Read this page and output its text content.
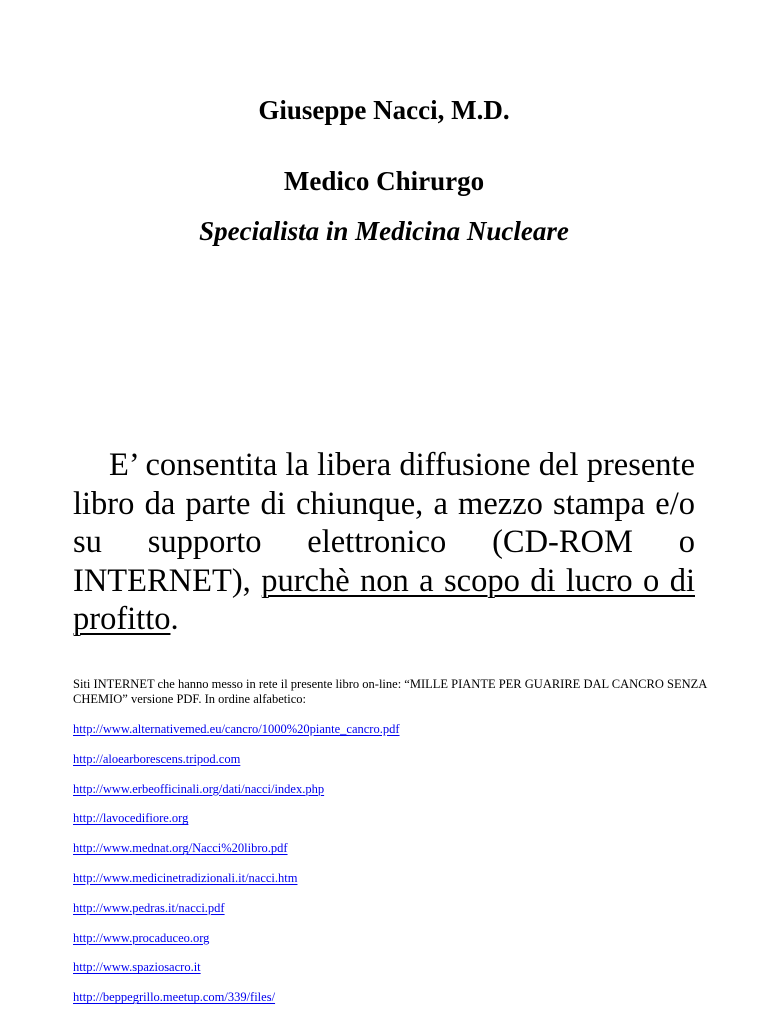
Giuseppe Nacci, M.D.
Medico Chirurgo
Specialista in Medicina Nucleare

E’ consentita la libera diffusione del presente libro da parte di chiunque, a mezzo stampa e/o su supporto elettronico (CD-ROM o INTERNET), purchè non a scopo di lucro o di profitto.

Siti INTERNET che hanno messo in rete il presente libro on-line: “MILLE PIANTE PER GUARIRE DAL CANCRO SENZA CHEMIO” versione PDF. In ordine alfabetico:

http://www.alternativemed.eu/cancro/1000%20piante_cancro.pdf
http://aloearborescens.tripod.com
http://www.erbeofficinali.org/dati/nacci/index.php
http://lavocedifiore.org
http://www.mednat.org/Nacci%20libro.pdf
http://www.medicinetradizionali.it/nacci.htm
http://www.pedras.it/nacci.pdf
http://www.procaduceo.org
http://www.spaziosacro.it
http://beppegrillo.meetup.com/339/files/
